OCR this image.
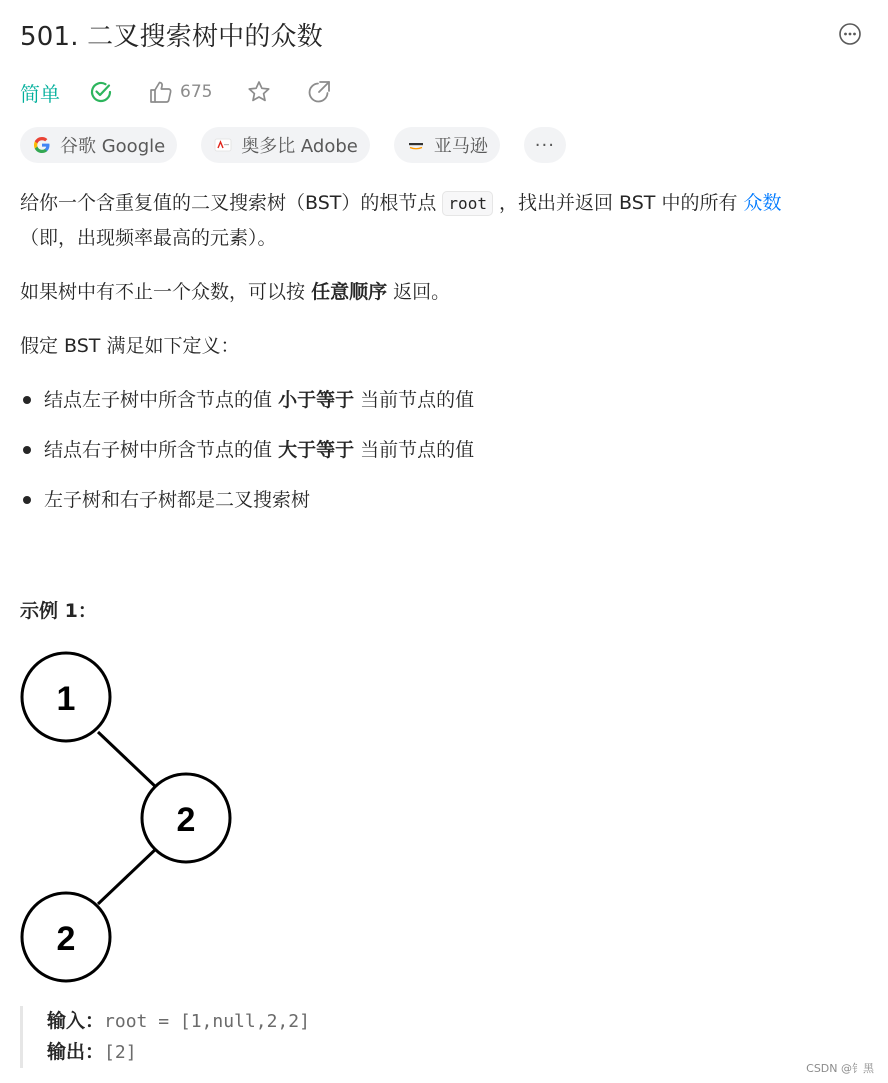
501. 二叉搜索树中的众数
简单	675
谷歌 Google	奥多比 Adobe	亚马逊	···

给你一个含重复值的二叉搜索树（BST）的根节点 root ，找出并返回 BST 中的所有 众数
（即，出现频率最高的元素）。

如果树中有不止一个众数，可以按 任意顺序 返回。

假定 BST 满足如下定义：

结点左子树中所含节点的值 小于等于 当前节点的值
结点右子树中所含节点的值 大于等于 当前节点的值
左子树和右子树都是二叉搜索树
示例 1：
1
2
2
输入：root = [1,null,2,2]
输出：[2]
CSDN @钅黑
